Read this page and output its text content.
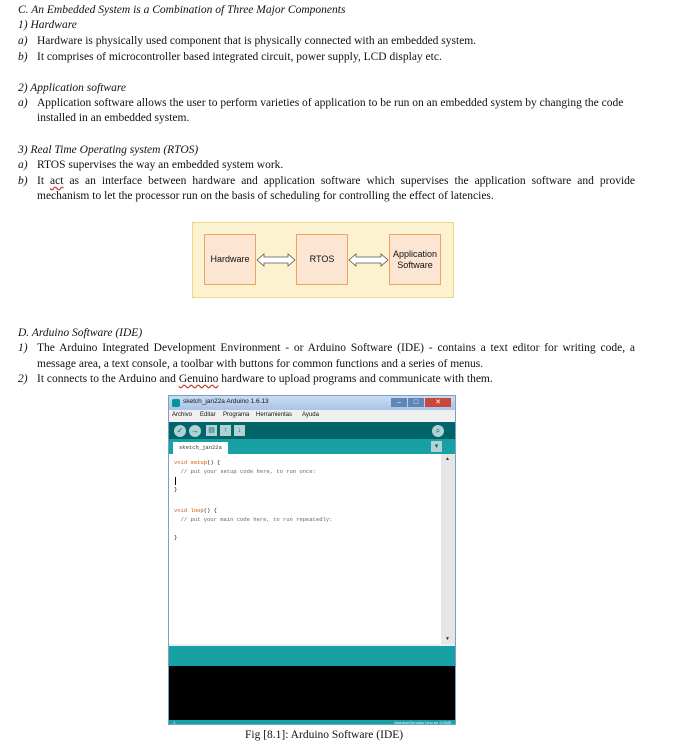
C. An Embedded System is a Combination of Three Major Components
1) Hardware
a) Hardware is physically used component that is physically connected with an embedded system.
b) It comprises of microcontroller based integrated circuit, power supply, LCD display etc.
2) Application software
a) Application software allows the user to perform varieties of application to be run on an embedded system by changing the code
installed in an embedded system.
3) Real Time Operating system (RTOS)
a) RTOS supervises the way an embedded system work.
b) It act as an interface between hardware and application software which supervises the application software and provide
mechanism to let the processor run on the basis of scheduling for controlling the effect of latencies.
Hardware	RTOS
Application
Software
D. Arduino Software (IDE)
1) The Arduino Integrated Development Environment - or Arduino Software (IDE) - contains a text editor for writing code, a
message area, a text console, a toolbar with buttons for common functions and a series of menus.
2) It connects to the Arduino and Genuino hardware to upload programs and communicate with them.
sketch_jan22a Arduino 1.6.13	–	□	✕
Archivo Editar Programa Herramientas Ayuda
✓ →	▤	↑	↓	⌕
sketch_jan22a	▾
void setup() {
// put your setup code here, to run once:
}
void loop() {
// put your main code here, to run repeatedly:
}
▲
▼
1	Arduino/Genuino Uno en COM5
Fig [8.1]: Arduino Software (IDE)
